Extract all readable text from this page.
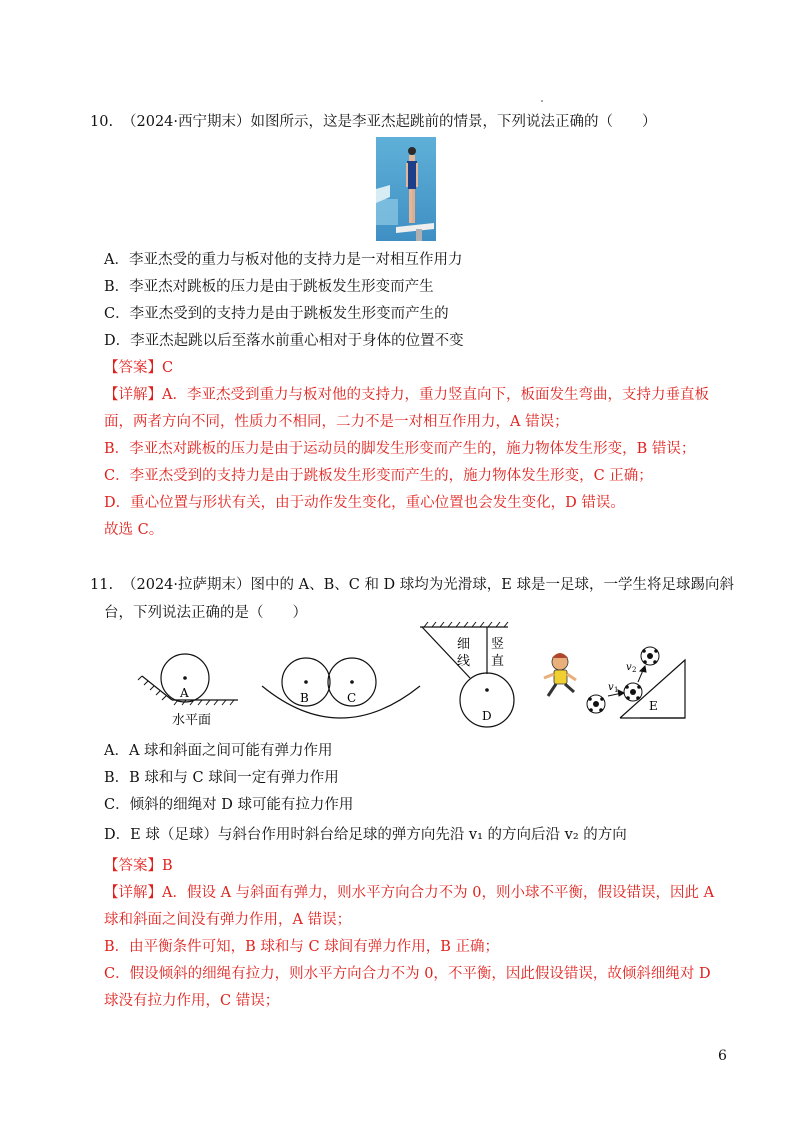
10. （2024·西宁期末）如图所示，这是李亚杰起跳前的情景，下列说法正确的（　　）
A．李亚杰受的重力与板对他的支持力是一对相互作用力
B．李亚杰对跳板的压力是由于跳板发生形变而产生
C．李亚杰受到的支持力是由于跳板发生形变而产生的
D．李亚杰起跳以后至落水前重心相对于身体的位置不变
【答案】C
【详解】A．李亚杰受到重力与板对他的支持力，重力竖直向下，板面发生弯曲，支持力垂直板
面，两者方向不同，性质力不相同，二力不是一对相互作用力，A 错误；
B．李亚杰对跳板的压力是由于运动员的脚发生形变而产生的，施力物体发生形变，B 错误；
C．李亚杰受到的支持力是由于跳板发生形变而产生的，施力物体发生形变，C 正确；
D．重心位置与形状有关，由于动作发生变化，重心位置也会发生变化，D 错误。
故选 C。
11. （2024·拉萨期末）图中的 A、B、C 和 D 球均为光滑球，E 球是一足球，一学生将足球踢向斜
台，下列说法正确的是（　　）
A
水平面
B	C
细
线
竖
直
D
E
v 1
v 2
A．A 球和斜面之间可能有弹力作用
B．B 球和与 C 球间一定有弹力作用
C．倾斜的细绳对 D 球可能有拉力作用
D．E 球（足球）与斜台作用时斜台给足球的弹方向先沿 v₁ 的方向后沿 v₂ 的方向
【答案】B
【详解】A．假设 A 与斜面有弹力，则水平方向合力不为 0，则小球不平衡，假设错误，因此 A
球和斜面之间没有弹力作用，A 错误；
B．由平衡条件可知，B 球和与 C 球间有弹力作用，B 正确；
C．假设倾斜的细绳有拉力，则水平方向合力不为 0，不平衡，因此假设错误，故倾斜细绳对 D
球没有拉力作用，C 错误；
6
